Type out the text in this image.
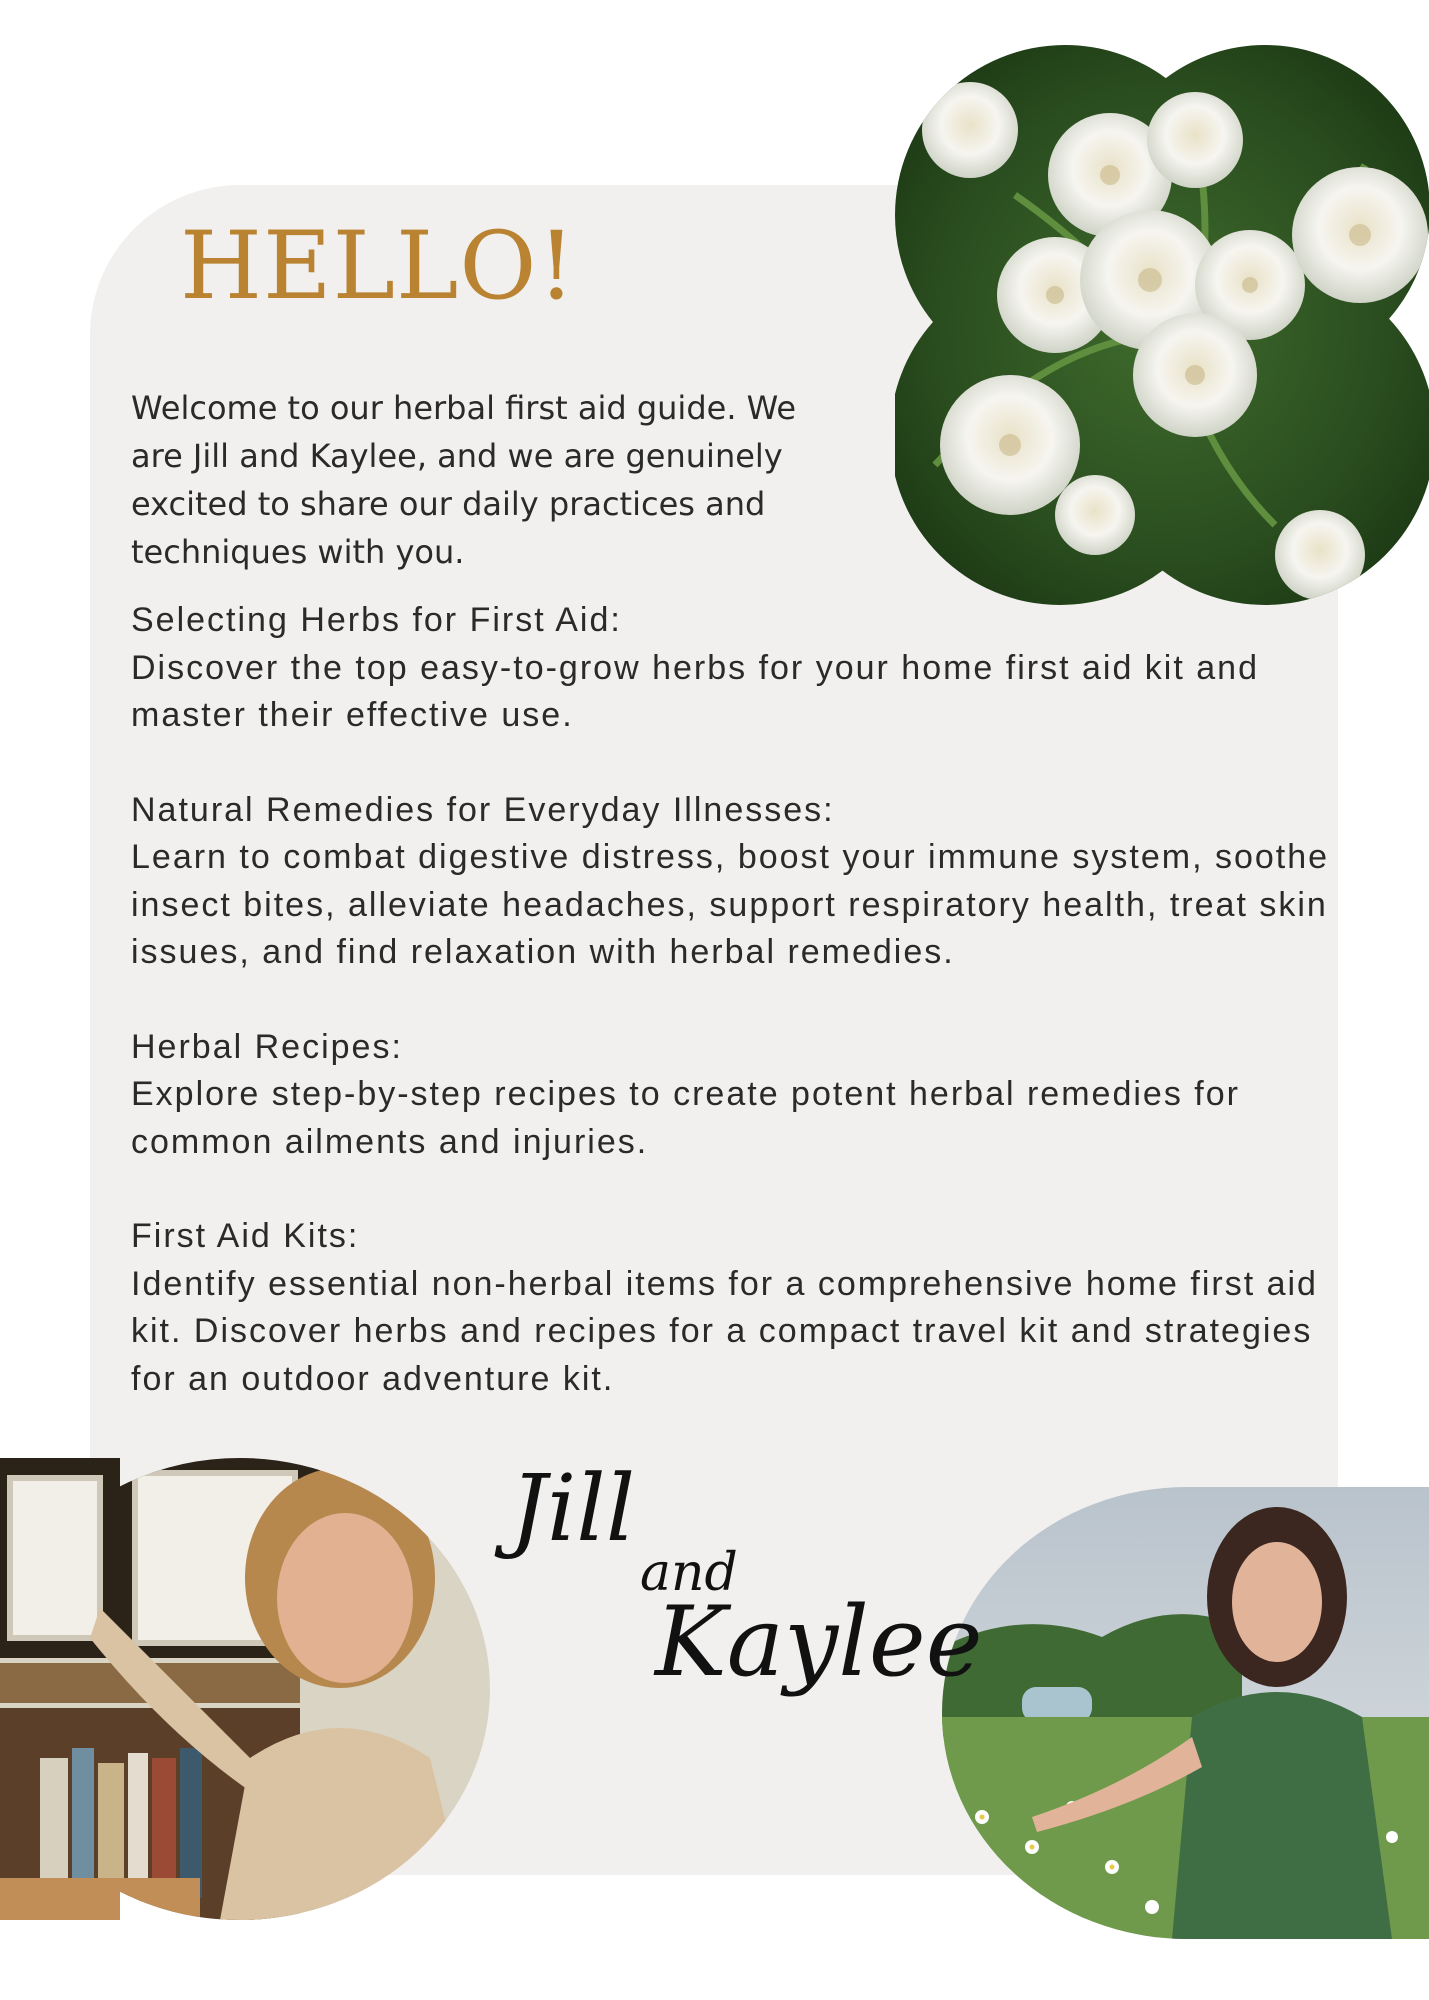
HELLO!

Welcome to our herbal first aid guide. We are Jill and Kaylee, and we are genuinely excited to share our daily practices and techniques with you.

Selecting Herbs for First Aid:

Discover the top easy-to-grow herbs for your home first aid kit and master their effective use.

Natural Remedies for Everyday Illnesses:

Learn to combat digestive distress, boost your immune system, soothe insect bites, alleviate headaches, support respiratory health, treat skin issues, and find relaxation with herbal remedies.

Herbal Recipes:

Explore step-by-step recipes to create potent herbal remedies for common ailments and injuries.

First Aid Kits:

Identify essential non-herbal items for a comprehensive home first aid kit. Discover herbs and recipes for a compact travel kit and strategies for an outdoor adventure kit.

Jill
and
Kaylee
